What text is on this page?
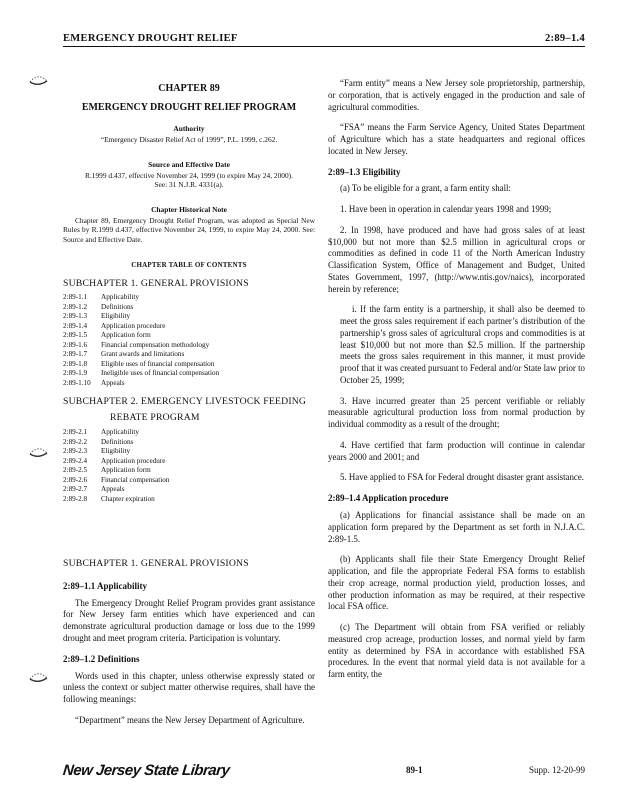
EMERGENCY DROUGHT RELIEF	2:89–1.4
CHAPTER 89
EMERGENCY DROUGHT RELIEF PROGRAM
Authority
“Emergency Disaster Relief Act of 1999”, P.L. 1999, c.262.
Source and Effective Date
R.1999 d.437, effective November 24, 1999 (to expire May 24, 2000).
See: 31 N.J.R. 4331(a).
Chapter Historical Note

Chapter 89, Emergency Drought Relief Program, was adopted as Special New Rules by R.1999 d.437, effective November 24, 1999, to expire May 24, 2000. See: Source and Effective Date.

CHAPTER TABLE OF CONTENTS
SUBCHAPTER 1. GENERAL PROVISIONS
2:89-1.1	Applicability
2:89-1.2	Definitions
2:89-1.3	Eligibility
2:89-1.4	Application procedure
2:89-1.5	Application form
2:89-1.6	Financial compensation methodology
2:89-1.7	Grant awards and limitations
2:89-1.8	Eligible uses of financial compensation
2:89-1.9	Ineligible uses of financial compensation
2:89-1.10	Appeals
SUBCHAPTER 2. EMERGENCY LIVESTOCK FEEDING
REBATE PROGRAM
2:89-2.1	Applicability
2:89-2.2	Definitions
2:89-2.3	Eligibility
2:89-2.4	Application procedure
2:89-2.5	Application form
2:89-2.6	Financial compensation
2:89-2.7	Appeals
2:89-2.8	Chapter expiration
SUBCHAPTER 1. GENERAL PROVISIONS
2:89–1.1 Applicability

The Emergency Drought Relief Program provides grant assistance for New Jersey farm entities which have experienced and can demonstrate agricultural production damage or loss due to the 1999 drought and meet program criteria. Participation is voluntary.

2:89–1.2 Definitions

Words used in this chapter, unless otherwise expressly stated or unless the context or subject matter otherwise requires, shall have the following meanings:

“Department” means the New Jersey Department of Agriculture.

“Farm entity” means a New Jersey sole proprietorship, partnership, or corporation, that is actively engaged in the production and sale of agricultural commodities.

“FSA” means the Farm Service Agency, United States Department of Agriculture which has a state headquarters and regional offices located in New Jersey.

2:89–1.3 Eligibility

(a) To be eligible for a grant, a farm entity shall:

1. Have been in operation in calendar years 1998 and 1999;

2. In 1998, have produced and have had gross sales of at least $10,000 but not more than $2.5 million in agricultural crops or commodities as defined in code 11 of the North American Industry Classification System, Office of Management and Budget, United States Government, 1997, (http://www.ntis.gov/naics), incorporated herein by reference;

i. If the farm entity is a partnership, it shall also be deemed to meet the gross sales requirement if each partner’s distribution of the partnership’s gross sales of agricultural crops and commodities is at least $10,000 but not more than $2.5 million. If the partnership meets the gross sales requirement in this manner, it must provide proof that it was created pursuant to Federal and/or State law prior to October 25, 1999;

3. Have incurred greater than 25 percent verifiable or reliably measurable agricultural production loss from normal production by individual commodity as a result of the drought;

4. Have certified that farm production will continue in calendar years 2000 and 2001; and

5. Have applied to FSA for Federal drought disaster grant assistance.

2:89–1.4 Application procedure

(a) Applications for financial assistance shall be made on an application form prepared by the Department as set forth in N.J.A.C. 2:89-1.5.

(b) Applicants shall file their State Emergency Drought Relief application, and file the appropriate Federal FSA forms to establish their crop acreage, normal production yield, production losses, and other production information as may be required, at their respective local FSA office.

(c) The Department will obtain from FSA verified or reliably measured crop acreage, production losses, and normal yield by farm entity as determined by FSA in accordance with established FSA procedures. In the event that normal yield data is not available for a farm entity, the

New Jersey State Library	89-1	Supp. 12-20-99
